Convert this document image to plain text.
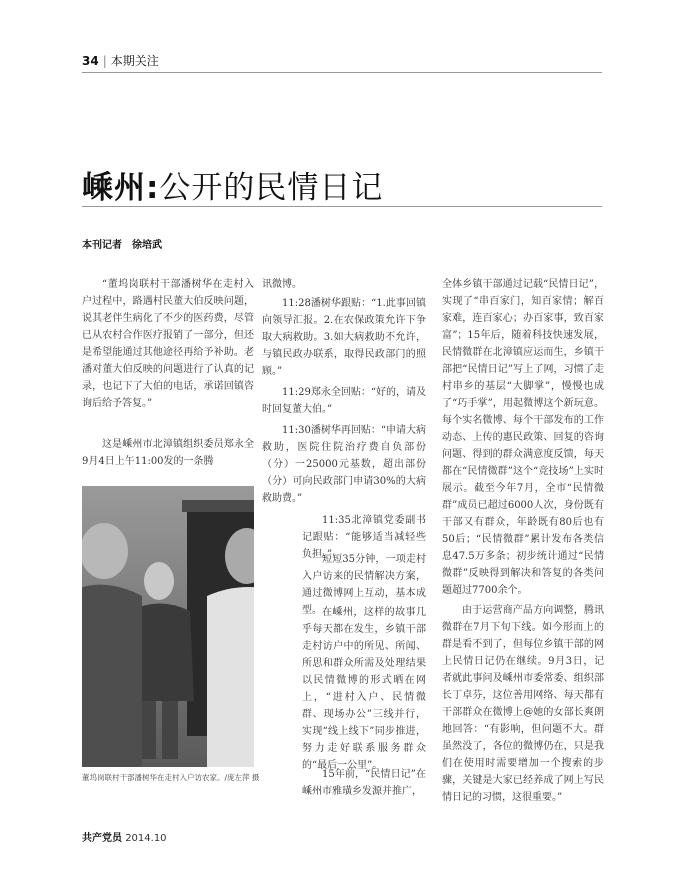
34 | 本期关注
嵊州:公开的民情日记
本刊记者　徐培武

“董坞岗联村干部潘树华在走村入户过程中，路遇村民董大伯反映问题，说其老伴生病化了不少的医药费，尽管已从农村合作医疗报销了一部分，但还是希望能通过其他途径再给予补助。老潘对董大伯反映的问题进行了认真的记录，也记下了大伯的电话，承诺回镇咨询后给予答复。”

这是嵊州市北漳镇组织委员郑永全9月4日上午11:00发的一条腾

讯微博。

11:28潘树华跟贴：“1.此事回镇向领导汇报。2.在农保政策允许下争取大病救助。3.如大病救助不允许，与镇民政办联系，取得民政部门的照顾。”

11:29郑永全回贴：“好的，请及时回复董大伯。”

11:30潘树华再回贴：“申请大病救助，医院住院治疗费自负部份（分）一25000元基数，超出部份（分）可向民政部门申请30%的大病救助费。”

11:35北漳镇党委副书记跟贴：“能够适当减轻些负担。”

短短35分钟，一项走村入户访来的民情解决方案，通过微博网上互动，基本成型。 在嵊州，这样的故事几乎每天都在发生，乡镇干部走村访户中的所见、所闻、所思和群众所需及处理结果以民情微博的形式晒在网上，“进村入户、民情微群、现场办公”三线并行，实现“线上线下”同步推进，努力走好联系服务群众的“最后一公里”。

15年前，“民情日记”在嵊州市雅璜乡发源并推广，

全体乡镇干部通过记载“民情日记”，实现了“串百家门，知百家情；解百家难，连百家心；办百家事，致百家富”；15年后，随着科技快速发展，民情微群在北漳镇应运而生，乡镇干部把“民情日记”写上了网，习惯了走村串乡的基层“大脚掌”，慢慢也成了“巧手掌”，用起微博这个新玩意。每个实名微博、每个干部发布的工作动态、上传的惠民政策、回复的咨询问题、得到的群众满意度反馈，每天都在“民情微群”这个“竞技场”上实时展示。截至今年7月，全市“民情微群”成员已超过6000人次，身份既有干部又有群众，年龄既有80后也有50后；“民情微群”累计发布各类信息47.5万多条；初步统计通过“民情微群”反映得到解决和答复的各类问题超过7700余个。

由于运营商产品方向调整，腾讯微群在7月下旬下线。如今形而上的群是看不到了，但每位乡镇干部的网上民情日记仍在继续。9月3日，记者就此事问及嵊州市委常委、组织部长丁卓芬，这位善用网络、每天都有干部群众在微博上@她的女部长爽朗地回答：“有影响，但问题不大。群虽然没了，各位的微博仍在，只是我们在使用时需要增加一个搜索的步骤，关键是大家已经养成了网上写民情日记的习惯，这很重要。”

董坞岗联村干部潘树华在走村入户访农家。/庞左萍 摄
共产党员 2014.10
